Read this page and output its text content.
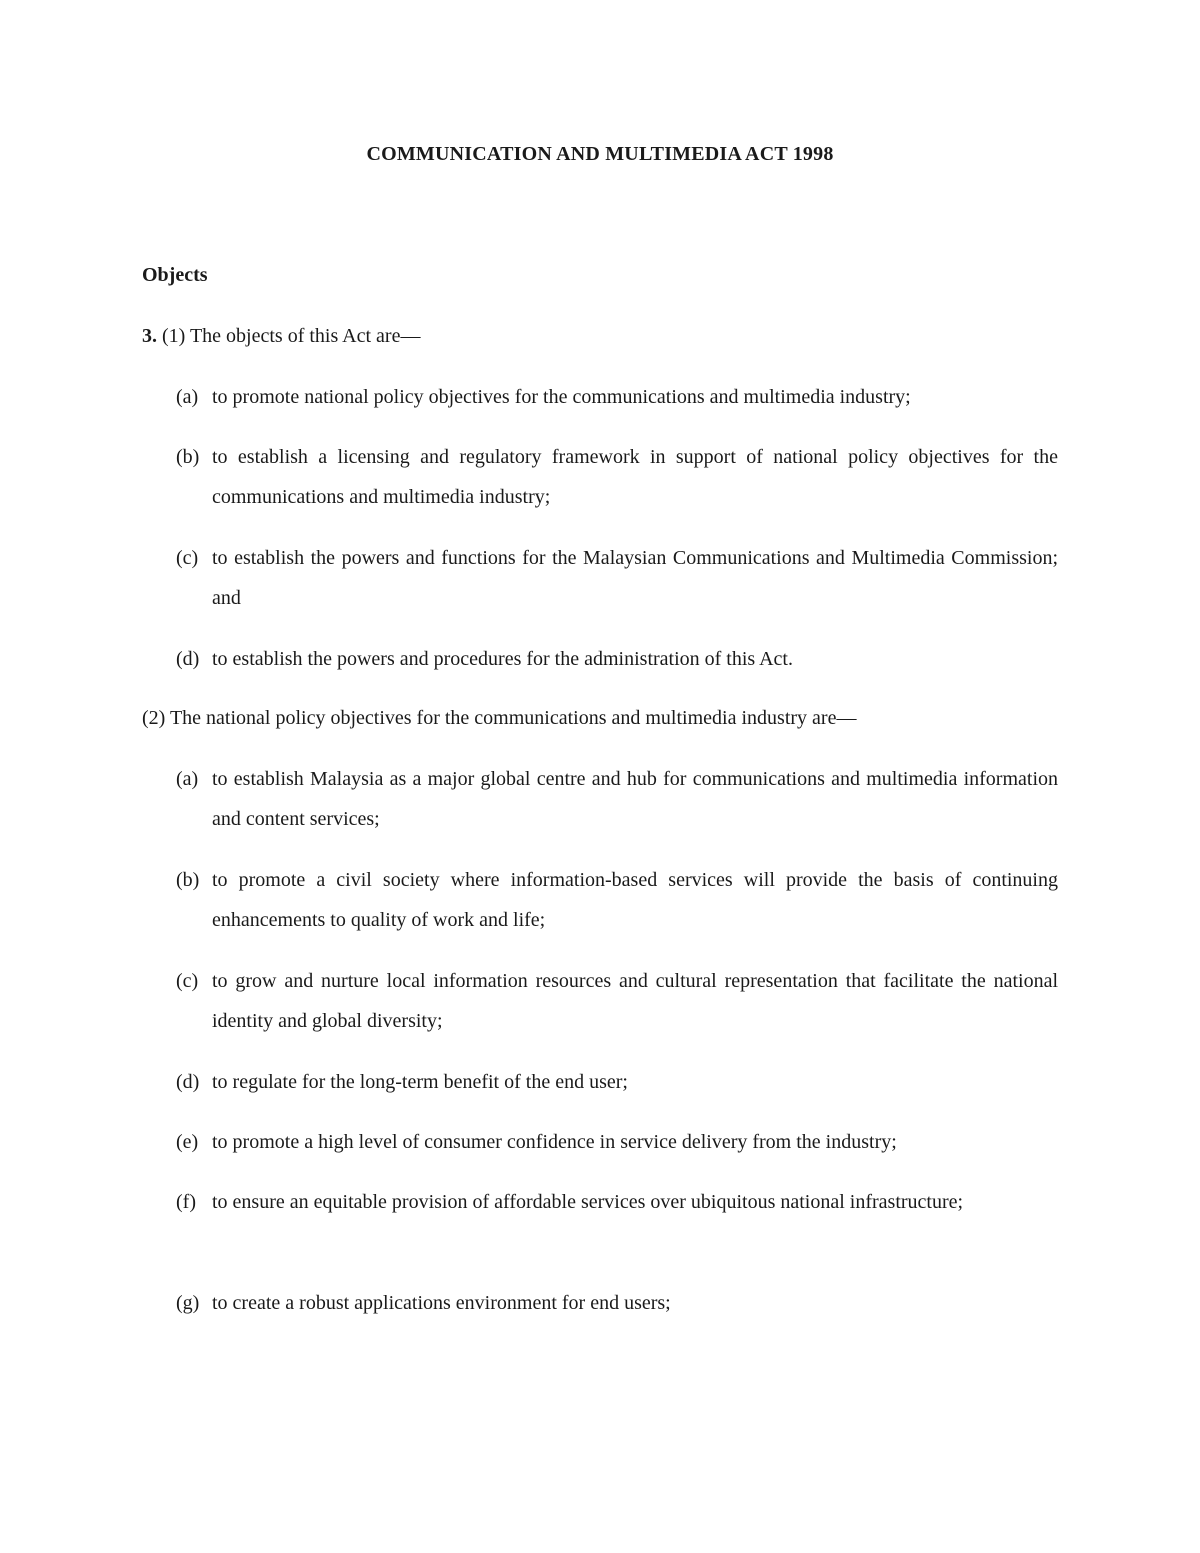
COMMUNICATION AND MULTIMEDIA ACT 1998
Objects
3. (1) The objects of this Act are—
(a) to promote national policy objectives for the communications and multimedia industry;
(b) to establish a licensing and regulatory framework in support of national policy objectives for the communications and multimedia industry;
(c) to establish the powers and functions for the Malaysian Communications and Multimedia Commission; and
(d) to establish the powers and procedures for the administration of this Act.
(2) The national policy objectives for the communications and multimedia industry are—
(a) to establish Malaysia as a major global centre and hub for communications and multimedia information and content services;
(b) to promote a civil society where information-based services will provide the basis of continuing enhancements to quality of work and life;
(c) to grow and nurture local information resources and cultural representation that facilitate the national identity and global diversity;
(d) to regulate for the long-term benefit of the end user;
(e) to promote a high level of consumer confidence in service delivery from the industry;
(f) to ensure an equitable provision of affordable services over ubiquitous national infrastructure;
(g) to create a robust applications environment for end users;
